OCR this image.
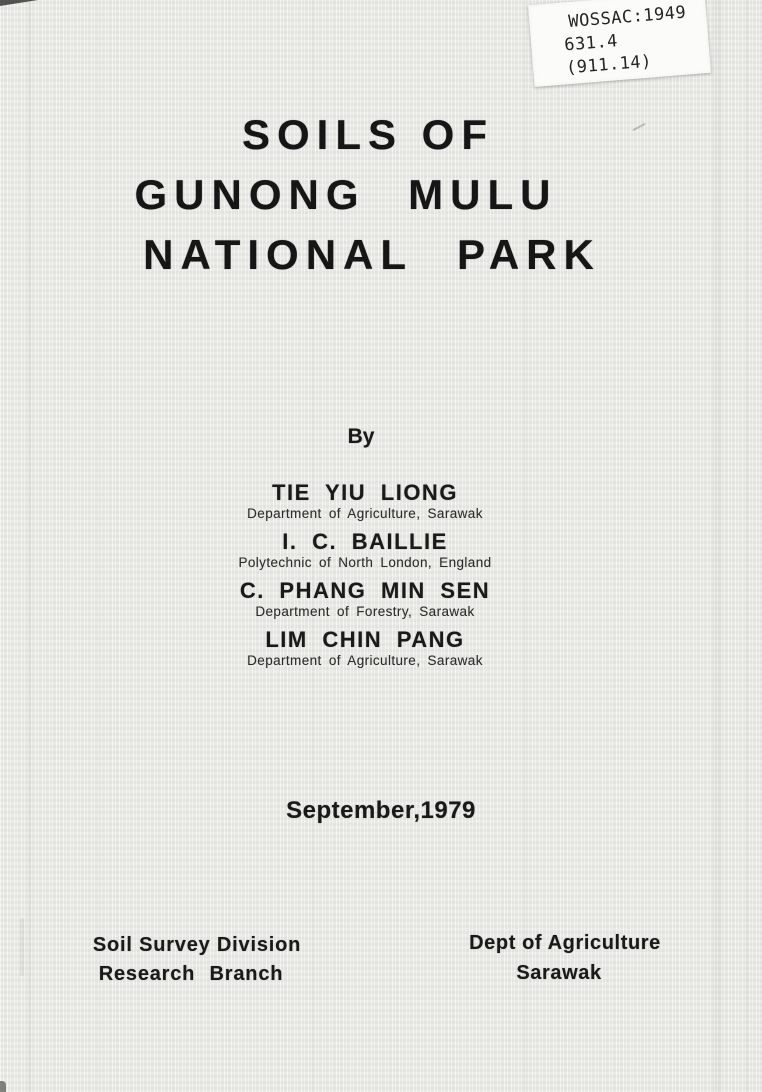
WOSSAC:1949
631.4
(911.14)
SOILS OF
GUNONG MULU
NATIONAL PARK
By
TIE YIU LIONG
Department of Agriculture, Sarawak
I. C. BAILLIE
Polytechnic of North London, England
C. PHANG MIN SEN
Department of Forestry, Sarawak
LIM CHIN PANG
Department of Agriculture, Sarawak
September,1979
Soil Survey Division
Research Branch
Dept of Agriculture
Sarawak
